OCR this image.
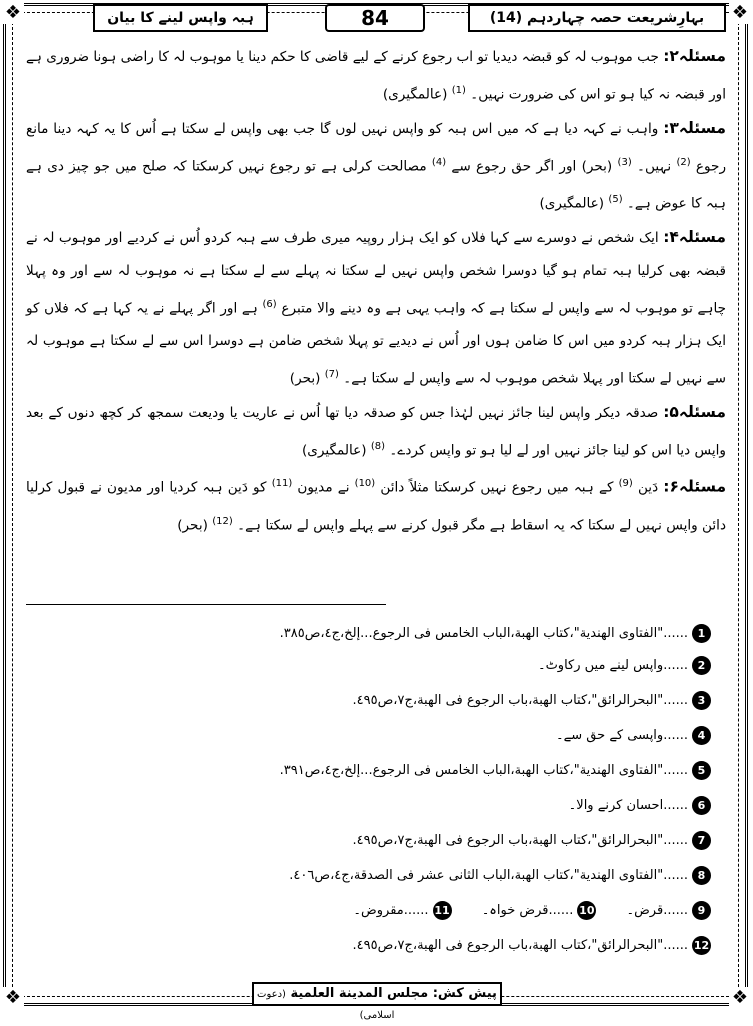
❖	❖
❖	❖
بہارِشریعت حصہ چہاردہم (14)
84
ہبہ واپس لینے کا بیان

مسئلہ۲: جب موہوب لہ کو قبضہ دیدیا تو اب رجوع کرنے کے لیے قاضی کا حکم دینا یا موہوب لہ کا راضی ہونا ضروری ہے اور قبضہ نہ کیا ہو تو اس کی ضرورت نہیں۔ $^{(1)}$ (عالمگیری)

مسئلہ۳: واہب نے کہہ دیا ہے کہ میں اس ہبہ کو واپس نہیں لوں گا جب بھی واپس لے سکتا ہے اُس کا یہ کہہ دینا مانع رجوع $^{(2)}$ نہیں۔ $^{(3)}$ (بحر) اور اگر حق رجوع سے $^{(4)}$ مصالحت کرلی ہے تو رجوع نہیں کرسکتا کہ صلح میں جو چیز دی ہے ہبہ کا عوض ہے۔ $^{(5)}$ (عالمگیری)

مسئلہ۴: ایک شخص نے دوسرے سے کہا فلاں کو ایک ہزار روپیہ میری طرف سے ہبہ کردو اُس نے کردیے اور موہوب لہ نے قبضہ بھی کرلیا ہبہ تمام ہو گیا دوسرا شخص واپس نہیں لے سکتا نہ پہلے سے لے سکتا ہے نہ موہوب لہ سے اور وہ پہلا چاہے تو موہوب لہ سے واپس لے سکتا ہے کہ واہب یہی ہے وہ دینے والا متبرع $^{(6)}$ ہے اور اگر پہلے نے یہ کہا ہے کہ فلاں کو ایک ہزار ہبہ کردو میں اس کا ضامن ہوں اور اُس نے دیدیے تو پہلا شخص ضامن ہے دوسرا اس سے لے سکتا ہے موہوب لہ سے نہیں لے سکتا اور پہلا شخص موہوب لہ سے واپس لے سکتا ہے۔ $^{(7)}$ (بحر)

مسئلہ۵: صدقہ دیکر واپس لینا جائز نہیں لہٰذا جس کو صدقہ دیا تھا اُس نے عاریت یا ودیعت سمجھ کر کچھ دنوں کے بعد واپس دیا اس کو لینا جائز نہیں اور لے لیا ہو تو واپس کردے۔ $^{(8)}$ (عالمگیری)

مسئلہ۶: دَین $^{(9)}$ کے ہبہ میں رجوع نہیں کرسکتا مثلاً دائن $^{(10)}$ نے مدیون $^{(11)}$ کو دَین ہبہ کردیا اور مدیون نے قبول کرلیا دائن واپس نہیں لے سکتا کہ یہ اسقاط ہے مگر قبول کرنے سے پہلے واپس لے سکتا ہے۔ $^{(12)}$ (بحر)

1......"الفتاوى الهندية"،كتاب الهبة،الباب الخامس فى الرجوع...إلخ،ج٤،ص٣٨٥.
2......واپس لینے میں رکاوٹ۔
3......"البحرالرائق"،كتاب الهبة،باب الرجوع فى الهبة،ج٧،ص٤٩٥.
4......واپسی کے حق سے۔
5......"الفتاوى الهندية"،كتاب الهبة،الباب الخامس فى الرجوع...إلخ،ج٤،ص٣٩١.
6......احسان کرنے والا۔
7......"البحرالرائق"،كتاب الهبة،باب الرجوع فى الهبة،ج٧،ص٤٩٥.
8......"الفتاوى الهندية"،كتاب الهبة،الباب الثانى عشر فى الصدقة،ج٤،ص٤٠٦.
9......قرض۔ 10......قرض خواہ۔ 11......مقروض۔
12......"البحرالرائق"،كتاب الهبة،باب الرجوع فى الهبة،ج٧،ص٤٩٥.
پیش کش: مجلس المدينة العلمية (دعوت اسلامی)
